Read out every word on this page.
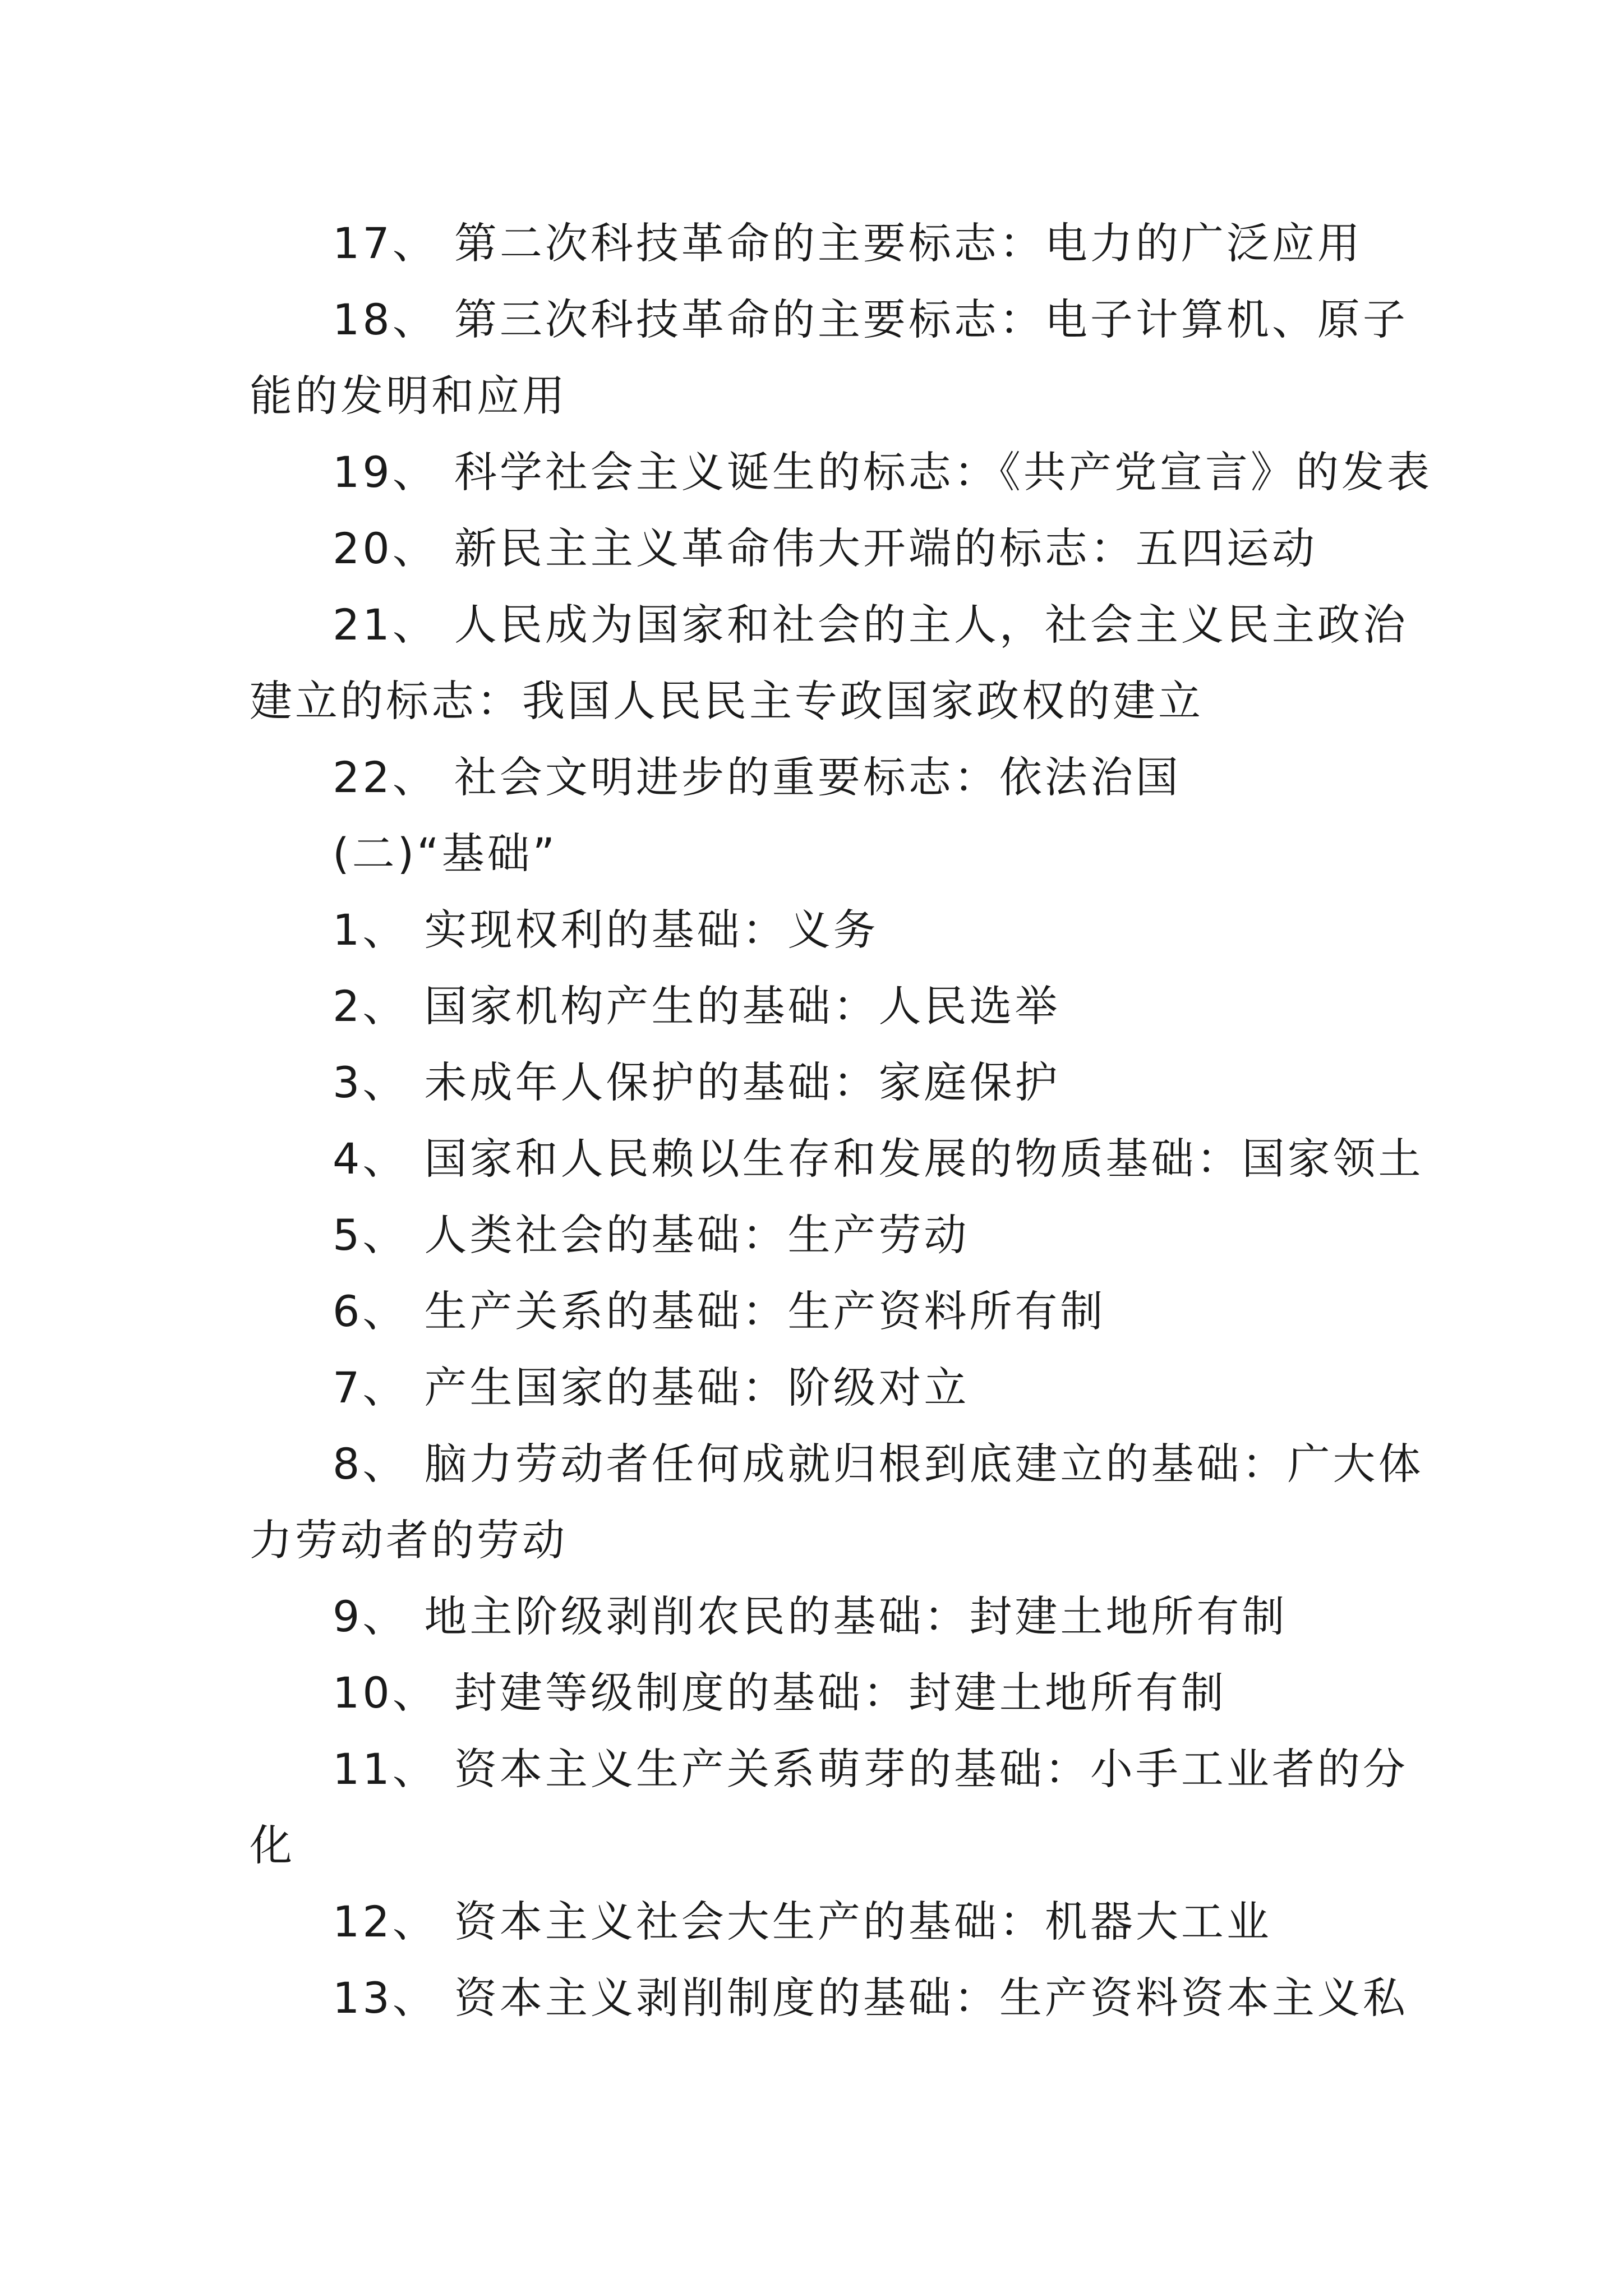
17、 第二次科技革命的主要标志：电力的广泛应用
18、 第三次科技革命的主要标志：电子计算机、原子
能的发明和应用
19、 科学社会主义诞生的标志：《共产党宣言》的发表
20、 新民主主义革命伟大开端的标志：五四运动
21、 人民成为国家和社会的主人，社会主义民主政治
建立的标志：我国人民民主专政国家政权的建立
22、 社会文明进步的重要标志：依法治国
(二)“基础”
1、 实现权利的基础：义务
2、 国家机构产生的基础：人民选举
3、 未成年人保护的基础：家庭保护
4、 国家和人民赖以生存和发展的物质基础：国家领土
5、 人类社会的基础：生产劳动
6、 生产关系的基础：生产资料所有制
7、 产生国家的基础：阶级对立
8、 脑力劳动者任何成就归根到底建立的基础：广大体
力劳动者的劳动
9、 地主阶级剥削农民的基础：封建土地所有制
10、 封建等级制度的基础：封建土地所有制
11、 资本主义生产关系萌芽的基础：小手工业者的分
化
12、 资本主义社会大生产的基础：机器大工业
13、 资本主义剥削制度的基础：生产资料资本主义私
